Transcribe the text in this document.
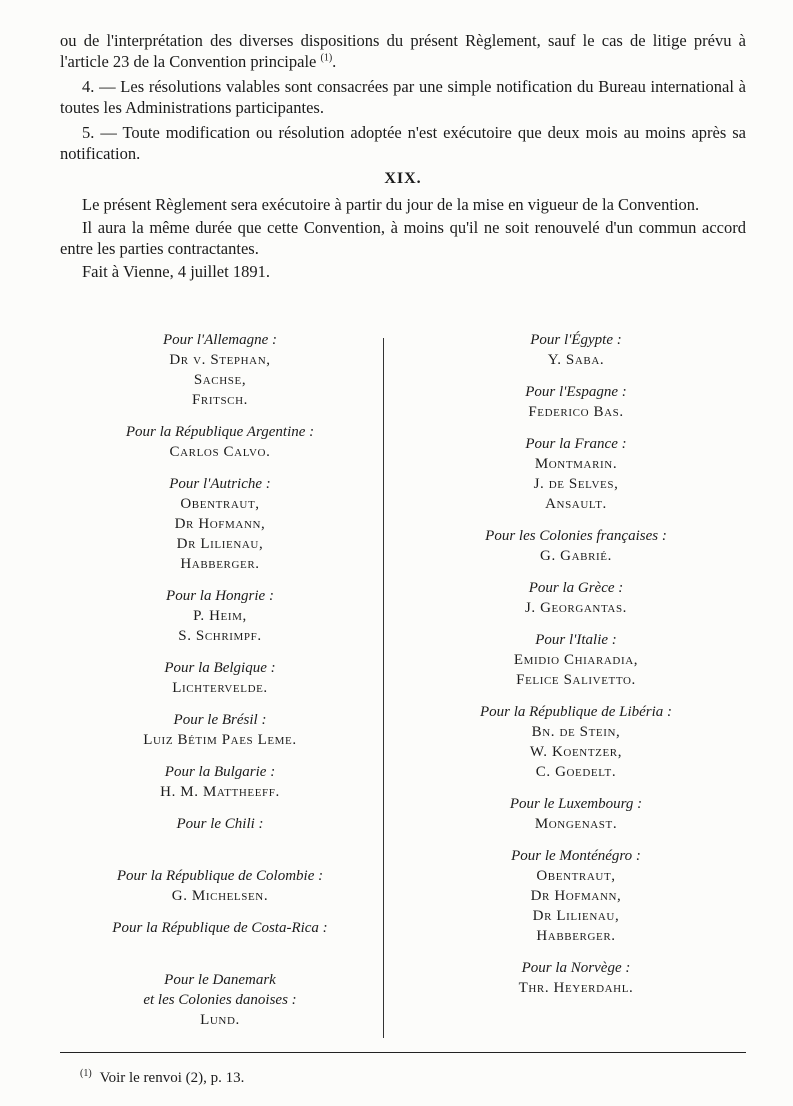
ou de l'interprétation des diverses dispositions du présent Règlement, sauf le cas de litige prévu à l'article 23 de la Convention principale $^{(1)}$.

4. — Les résolutions valables sont consacrées par une simple notification du Bureau international à toutes les Administrations participantes.

5. — Toute modification ou résolution adoptée n'est exécutoire que deux mois au moins après sa notification.

XIX.

Le présent Règlement sera exécutoire à partir du jour de la mise en vigueur de la Convention.

Il aura la même durée que cette Convention, à moins qu'il ne soit renouvelé d'un commun accord entre les parties contractantes.

Fait à Vienne, 4 juillet 1891.

Pour l'Allemagne :
Dr v. Stephan,
Sachse,
Fritsch.
Pour la République Argentine :
Carlos Calvo.
Pour l'Autriche :
Obentraut,
Dr Hofmann,
Dr Lilienau,
Habberger.
Pour la Hongrie :
P. Heim,
S. Schrimpf.
Pour la Belgique :
Lichtervelde.
Pour le Brésil :
Luiz Bétim Paes Leme.
Pour la Bulgarie :
H. M. Mattheeff.
Pour le Chili :
Pour la République de Colombie :
G. Michelsen.
Pour la République de Costa-Rica :
Pour le Danemark
et les Colonies danoises :
Lund.
Pour l'Égypte :
Y. Saba.
Pour l'Espagne :
Federico Bas.
Pour la France :
Montmarin.
J. de Selves,
Ansault.
Pour les Colonies françaises :
G. Gabrié.
Pour la Grèce :
J. Georgantas.
Pour l'Italie :
Emidio Chiaradia,
Felice Salivetto.
Pour la République de Libéria :
Bn. de Stein,
W. Koentzer,
C. Goedelt.
Pour le Luxembourg :
Mongenast.
Pour le Monténégro :
Obentraut,
Dr Hofmann,
Dr Lilienau,
Habberger.
Pour la Norvège :
Thr. Heyerdahl.
$^{(1)}$ Voir le renvoi (2), p. 13.
